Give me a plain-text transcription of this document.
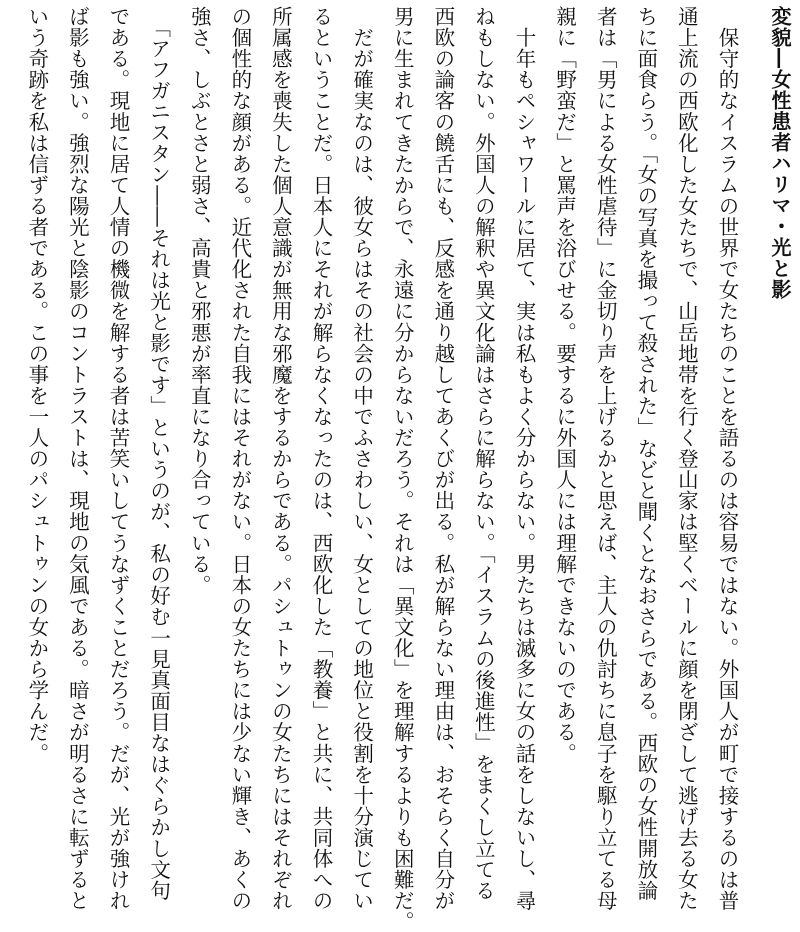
変貌―女性患者ハリマ・光と影
　保守的なイスラムの世界で女たちのことを語るのは容易ではない。外国人が町で接するのは普
通上流の西欧化した女たちで、山岳地帯を行く登山家は堅くベールに顔を閉ざして逃げ去る女た
ちに面食らう。「女の写真を撮って殺された」などと聞くとなおさらである。西欧の女性開放論
者は「男による女性虐待」に金切り声を上げるかと思えば、主人の仇討ちに息子を駆り立てる母
親に「野蛮だ」と罵声を浴びせる。要するに外国人には理解できないのである。
　十年もペシャワールに居て、実は私もよく分からない。男たちは滅多に女の話をしないし、尋
ねもしない。外国人の解釈や異文化論はさらに解らない。「イスラムの後進性」をまくし立てる
西欧の論客の饒舌にも、反感を通り越してあくびが出る。私が解らない理由は、おそらく自分が
男に生まれてきたからで、永遠に分からないだろう。それは「異文化」を理解するよりも困難だ。
　だが確実なのは、彼女らはその社会の中でふさわしい、女としての地位と役割を十分演じてい
るということだ。日本人にそれが解らなくなったのは、西欧化した「教養」と共に、共同体への
所属感を喪失した個人意識が無用な邪魔をするからである。パシュトゥンの女たちにはそれぞれ
の個性的な顔がある。近代化された自我にはそれがない。日本の女たちには少ない輝き、あくの
強さ、しぶとさと弱さ、高貴と邪悪が率直になり合っている。
　「アフガニスタン――それは光と影です」というのが、私の好む一見真面目なはぐらかし文句
である。現地に居て人情の機微を解する者は苦笑いしてうなずくことだろう。だが、光が強けれ
ば影も強い。強烈な陽光と陰影のコントラストは、現地の気風である。暗さが明るさに転ずると
いう奇跡を私は信ずる者である。この事を一人のパシュトゥンの女から学んだ。
